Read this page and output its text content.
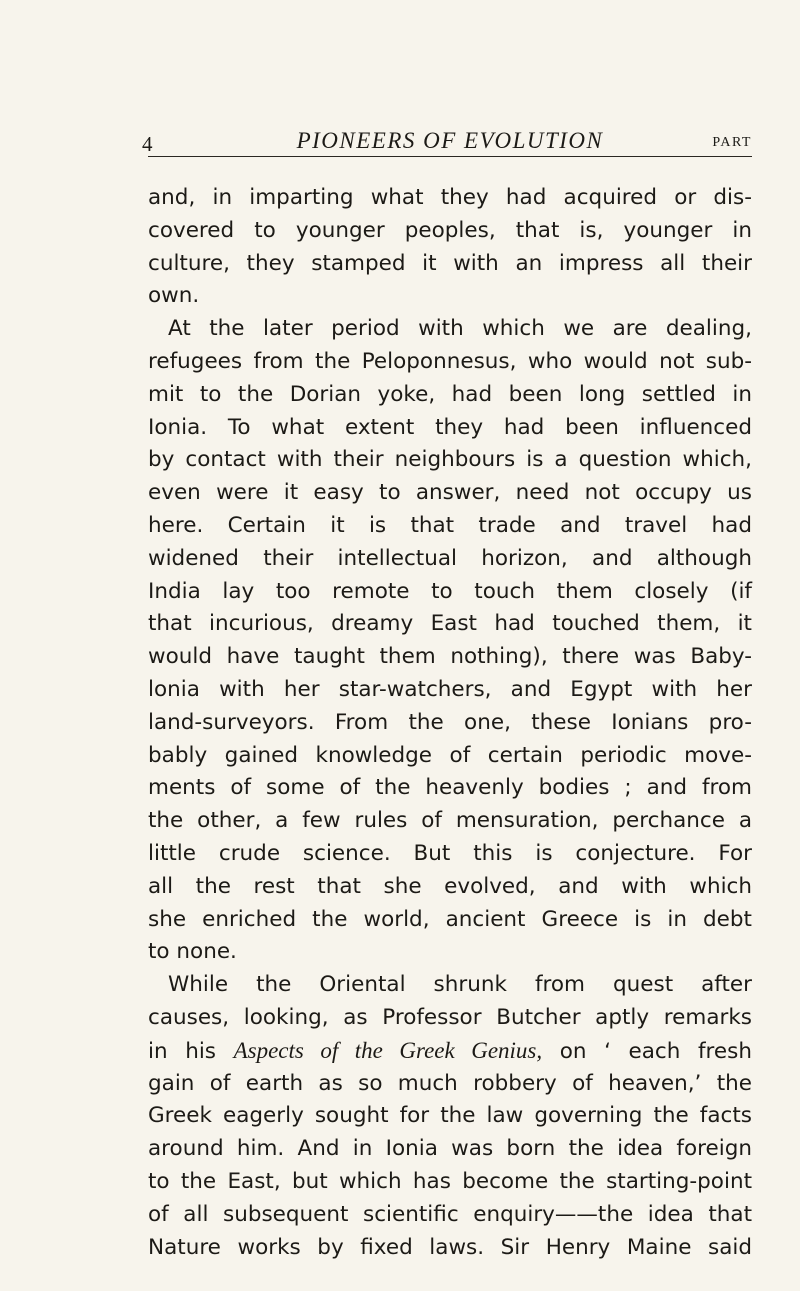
4	PIONEERS OF EVOLUTION	PART
and, in imparting what they had acquired or dis-
covered to younger peoples, that is, younger in
culture, they stamped it with an impress all their
own.
At the later period with which we are dealing,
refugees from the Peloponnesus, who would not sub-
mit to the Dorian yoke, had been long settled in
Ionia. To what extent they had been influenced
by contact with their neighbours is a question which,
even were it easy to answer, need not occupy us
here. Certain it is that trade and travel had
widened their intellectual horizon, and although
India lay too remote to touch them closely (if
that incurious, dreamy East had touched them, it
would have taught them nothing), there was Baby-
lonia with her star-watchers, and Egypt with her
land-surveyors. From the one, these Ionians pro-
bably gained knowledge of certain periodic move-
ments of some of the heavenly bodies ; and from
the other, a few rules of mensuration, perchance a
little crude science. But this is conjecture. For
all the rest that she evolved, and with which
she enriched the world, ancient Greece is in debt
to none.
While the Oriental shrunk from quest after
causes, looking, as Professor Butcher aptly remarks
in his Aspects of the Greek Genius, on ‘ each fresh
gain of earth as so much robbery of heaven,’ the
Greek eagerly sought for the law governing the facts
around him. And in Ionia was born the idea foreign
to the East, but which has become the starting-point
of all subsequent scientific enquiry——the idea that
Nature works by fixed laws. Sir Henry Maine said
